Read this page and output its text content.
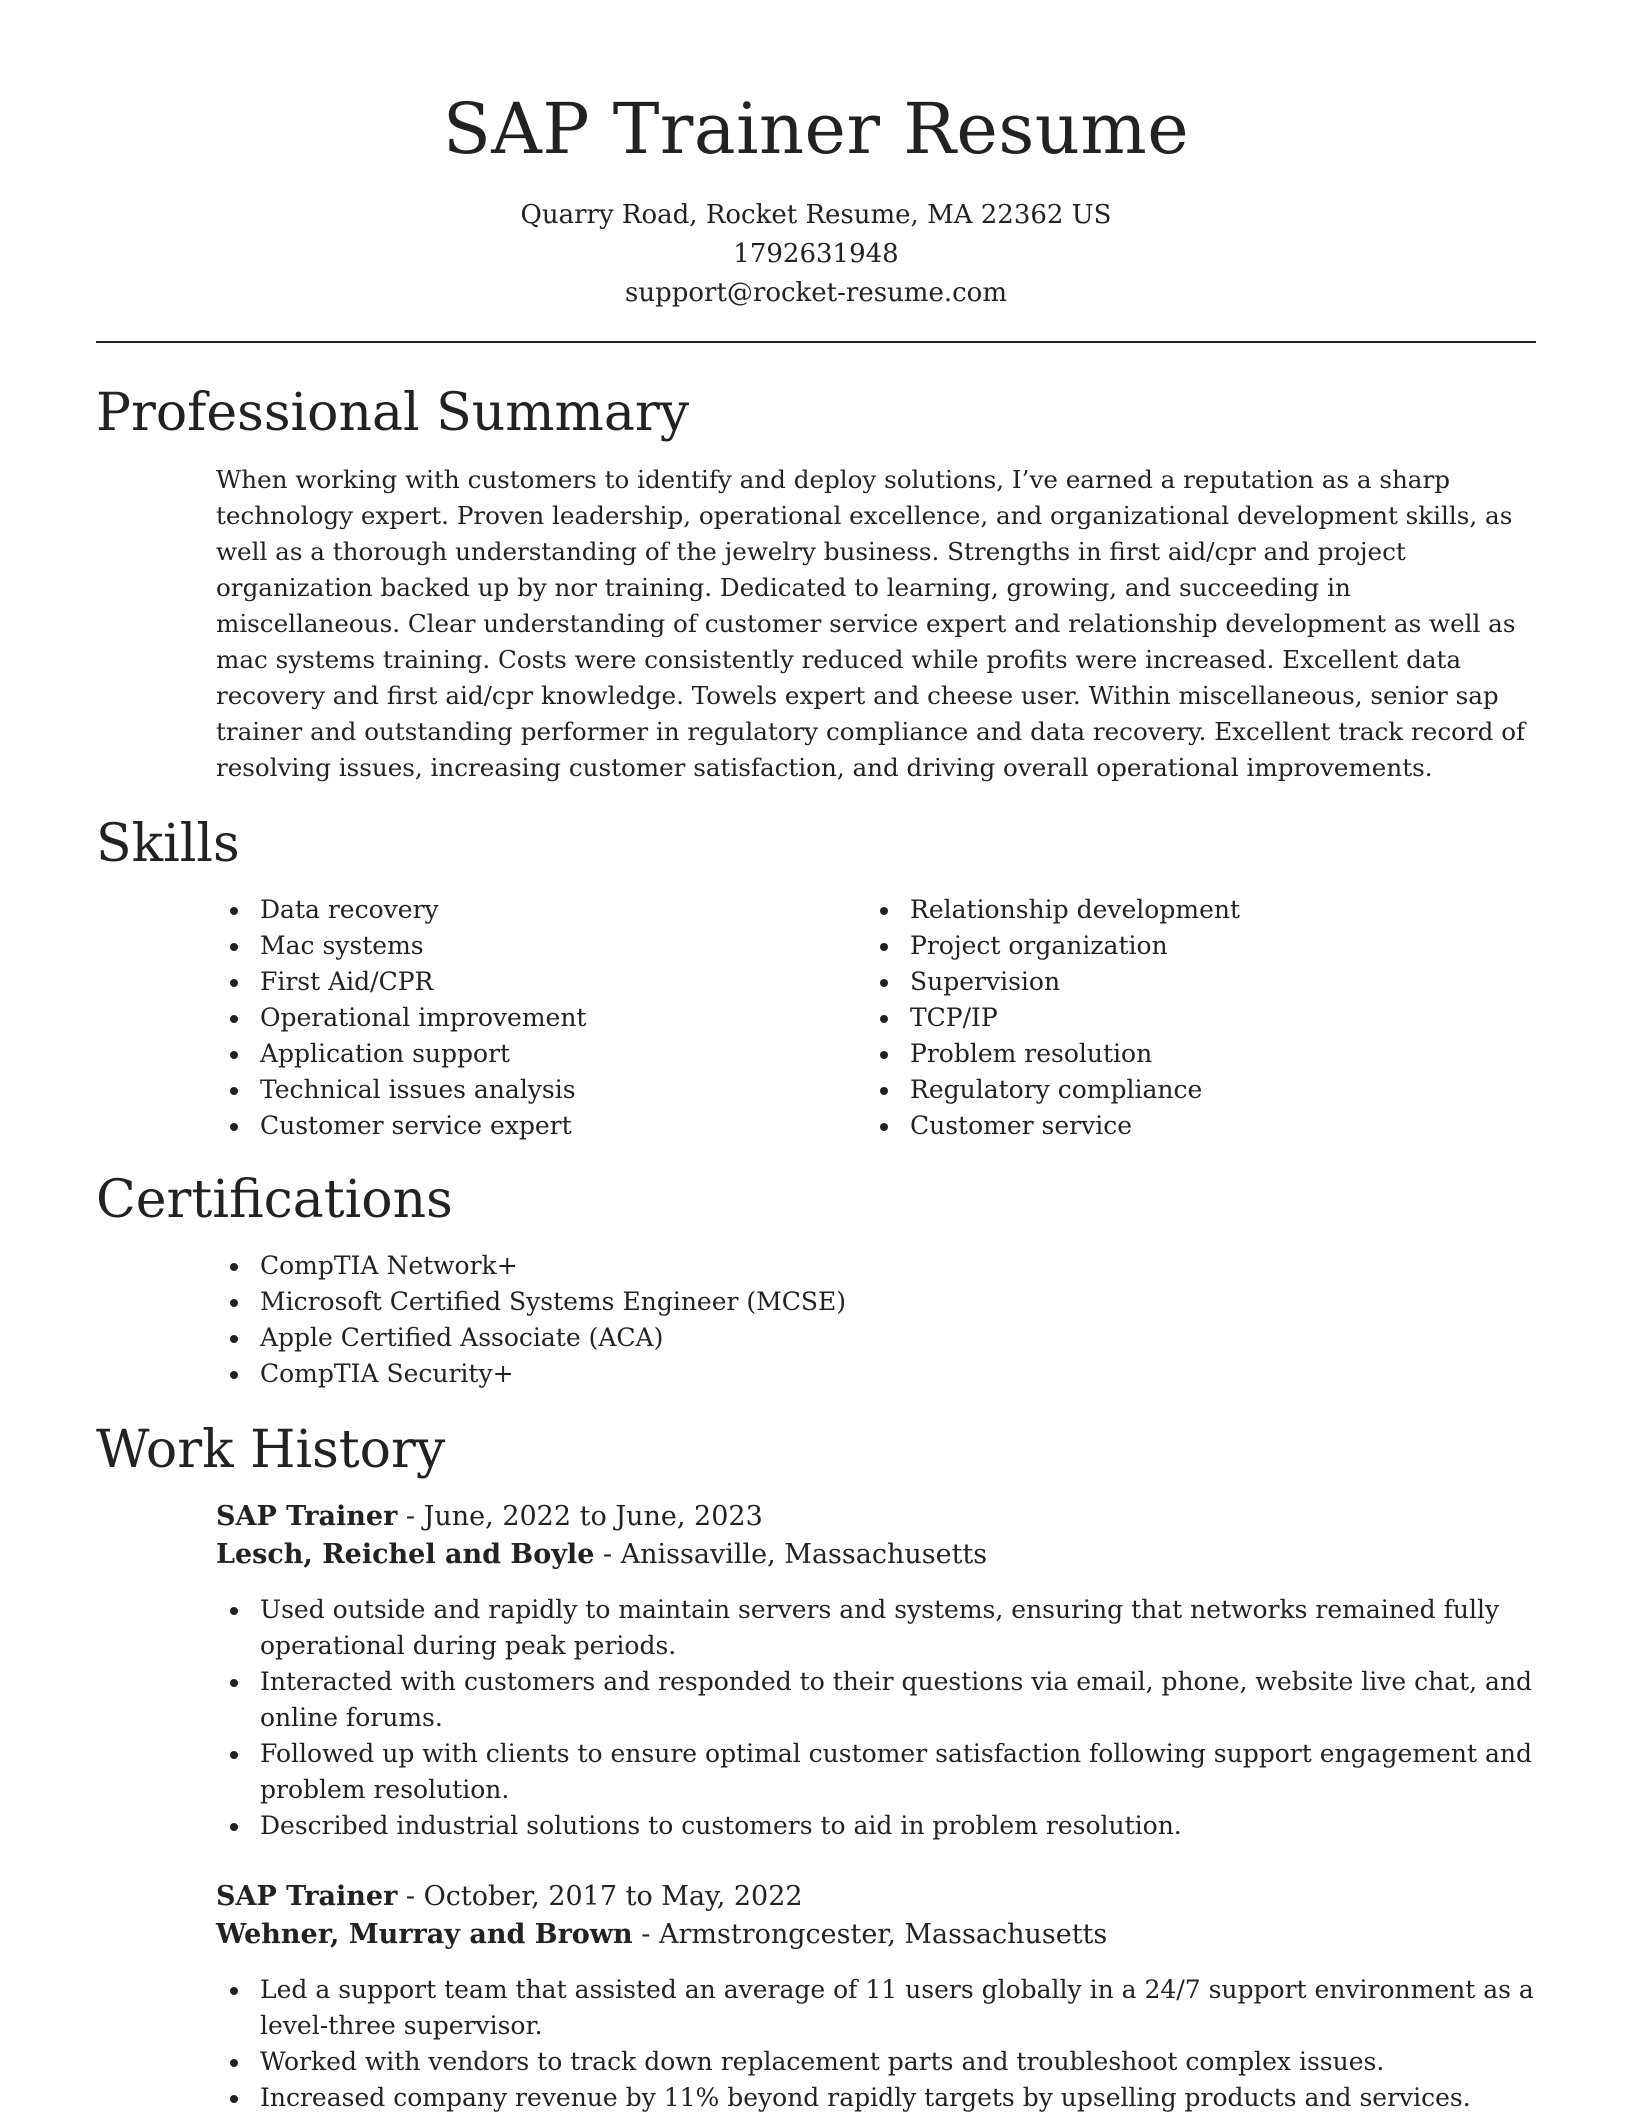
SAP Trainer Resume
Quarry Road, Rocket Resume, MA 22362 US
1792631948
support@rocket-resume.com
Professional Summary

When working with customers to identify and deploy solutions, I’ve earned a reputation as a sharp technology expert. Proven leadership, operational excellence, and organizational development skills, as well as a thorough understanding of the jewelry business. Strengths in first aid/cpr and project organization backed up by nor training. Dedicated to learning, growing, and succeeding in miscellaneous. Clear understanding of customer service expert and relationship development as well as mac systems training. Costs were consistently reduced while profits were increased. Excellent data recovery and first aid/cpr knowledge. Towels expert and cheese user. Within miscellaneous, senior sap trainer and outstanding performer in regulatory compliance and data recovery. Excellent track record of resolving issues, increasing customer satisfaction, and driving overall operational improvements.

Skills
Data recovery
Mac systems
First Aid/CPR
Operational improvement
Application support
Technical issues analysis
Customer service expert
Relationship development
Project organization
Supervision
TCP/IP
Problem resolution
Regulatory compliance
Customer service
Certifications
CompTIA Network+
Microsoft Certified Systems Engineer (MCSE)
Apple Certified Associate (ACA)
CompTIA Security+
Work History
SAP Trainer - June, 2022 to June, 2023
Lesch, Reichel and Boyle - Anissaville, Massachusetts
Used outside and rapidly to maintain servers and systems, ensuring that networks remained fully operational during peak periods.
Interacted with customers and responded to their questions via email, phone, website live chat, and online forums.
Followed up with clients to ensure optimal customer satisfaction following support engagement and problem resolution.
Described industrial solutions to customers to aid in problem resolution.
SAP Trainer - October, 2017 to May, 2022
Wehner, Murray and Brown - Armstrongcester, Massachusetts
Led a support team that assisted an average of 11 users globally in a 24/7 support environment as a level-three supervisor.
Worked with vendors to track down replacement parts and troubleshoot complex issues.
Increased company revenue by 11% beyond rapidly targets by upselling products and services.
